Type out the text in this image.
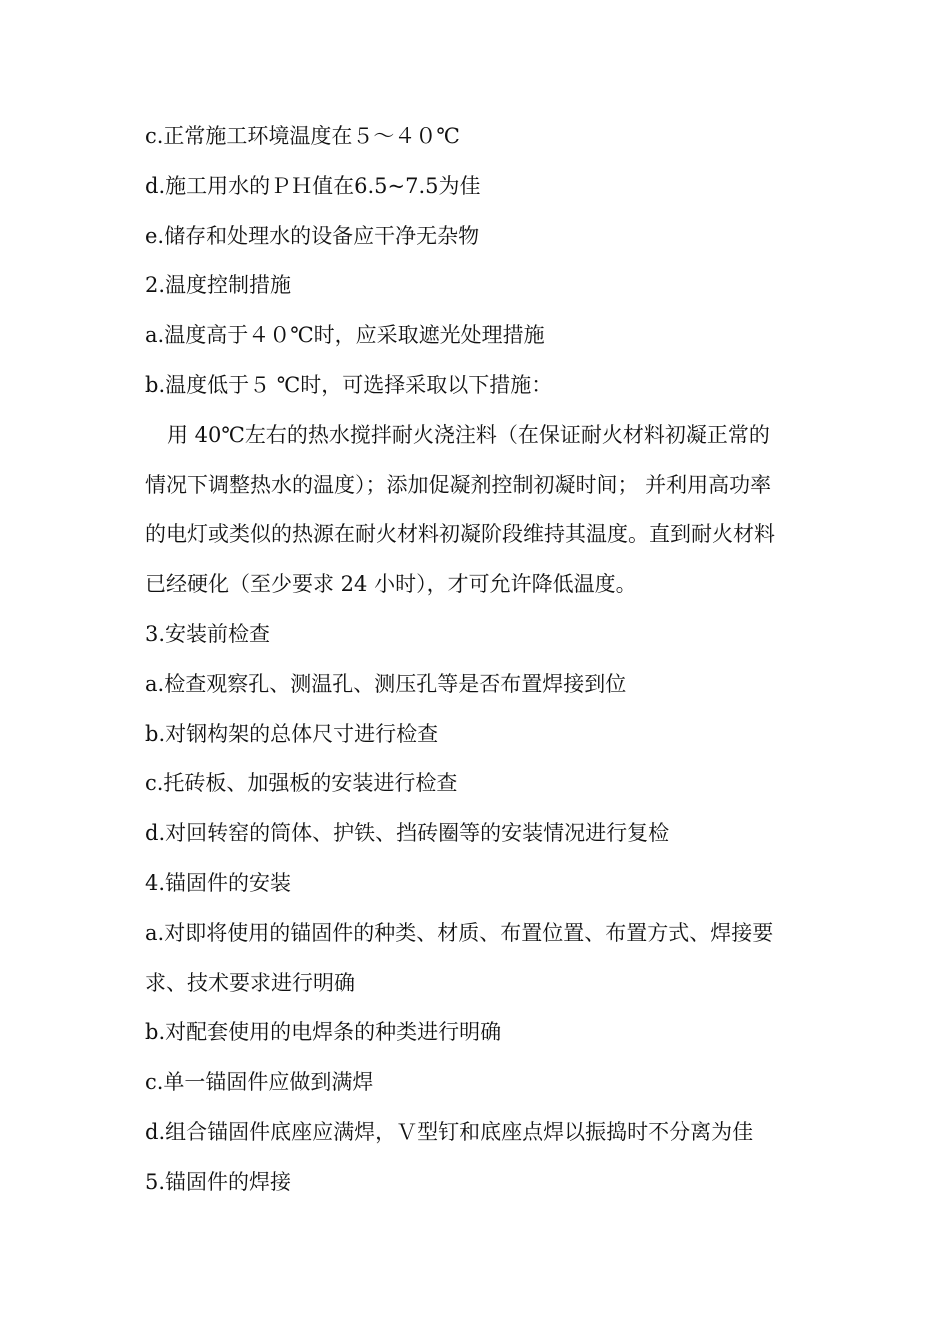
c.正常施工环境温度在５～４０℃
d.施工用水的ＰＨ值在6.5~7.5为佳
e.储存和处理水的设备应干净无杂物
2.温度控制措施
a.温度高于４０℃时，应采取遮光处理措施
b.温度低于５ ℃时，可选择采取以下措施：
用 40℃左右的热水搅拌耐火浇注料（在保证耐火材料初凝正常的
情况下调整热水的温度）；添加促凝剂控制初凝时间； 并利用高功率
的电灯或类似的热源在耐火材料初凝阶段维持其温度。直到耐火材料
已经硬化（至少要求 24 小时），才可允许降低温度。
3.安装前检查
a.检查观察孔、测温孔、测压孔等是否布置焊接到位
b.对钢构架的总体尺寸进行检查
c.托砖板、加强板的安装进行检查
d.对回转窑的筒体、护铁、挡砖圈等的安装情况进行复检
4.锚固件的安装
a.对即将使用的锚固件的种类、材质、布置位置、布置方式、焊接要
求、技术要求进行明确
b.对配套使用的电焊条的种类进行明确
c.单一锚固件应做到满焊
d.组合锚固件底座应满焊，Ｖ型钉和底座点焊以振捣时不分离为佳
5.锚固件的焊接
